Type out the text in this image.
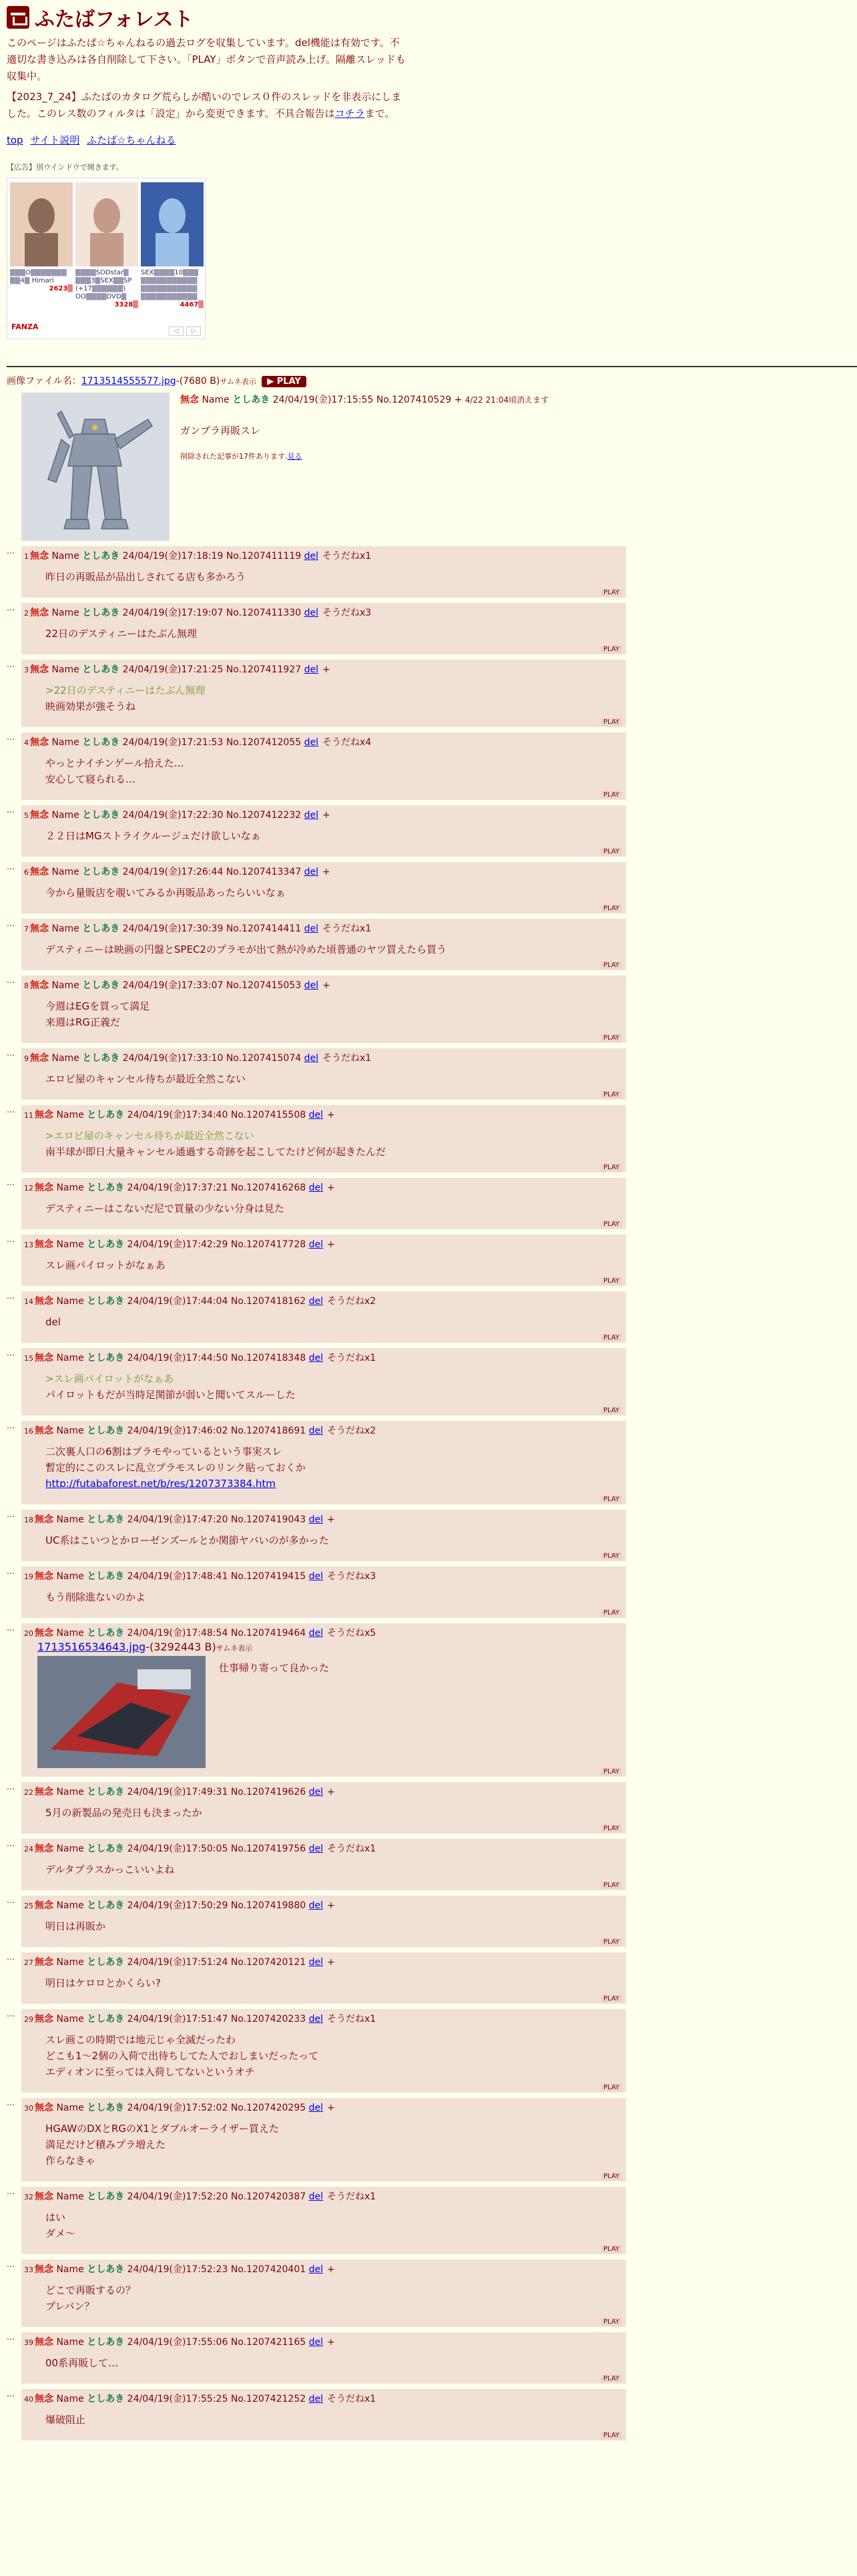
ふたばフォレスト

このページはふたば☆ちゃんねるの過去ログを収集しています。del機能は有効です。不適切な書き込みは各自削除して下さい。「PLAY」ボタンで音声読み上げ。隔離スレッドも収集中。

【2023_7_24】ふたばのカタログ荒らしが酷いのでレス０件のスレッドを非表示にしました。このレス数のフィルタは「設定」から変更できます。不具合報告はコチラまで。

top サイト説明 ふたば☆ちゃんねる
【広告】別ウインドウで開きます。
▒▒▒O▒▒▒▒▒▒▒
▒▒4▒ Himari
2623▒
▒▒▒▒SODstar▒
▒▒▒3▒SEX▒▒SP
(+17▒▒▒▒▒▒)
OO▒▒▒▒DVD▒
3328▒
SEX▒▒▒▒10▒▒▒
▒▒▒▒▒▒▒▒▒▒▒
▒▒▒▒▒▒▒▒▒▒▒
▒▒▒▒▒▒▒▒▒▒▒
4467▒
FANZA	◁ ▷
画像ファイル名：1713514555577.jpg-(7680 B)サムネ表示 ▶ PLAY
無念 Name としあき 24/04/19(金)17:15:55 No.1207410529 + 4/22 21:04頃消えます
ガンプラ再販スレ
削除された記事が17件あります.見る
…
1 無念 Name としあき 24/04/19(金)17:18:19 No.1207411119 del そうだねx1
昨日の再販品が品出しされてる店も多かろう
PLAY
…
2 無念 Name としあき 24/04/19(金)17:19:07 No.1207411330 del そうだねx3
22日のデスティニーはたぶん無理
PLAY
…
3 無念 Name としあき 24/04/19(金)17:21:25 No.1207411927 del +
>22日のデスティニーはたぶん無理
映画効果が強そうね
PLAY
…
4 無念 Name としあき 24/04/19(金)17:21:53 No.1207412055 del そうだねx4
やっとナイチンゲール拾えた…
安心して寝られる…
PLAY
…
5 無念 Name としあき 24/04/19(金)17:22:30 No.1207412232 del +
２２日はMGストライクルージュだけ欲しいなぁ
PLAY
…
6 無念 Name としあき 24/04/19(金)17:26:44 No.1207413347 del +
今から量販店を覗いてみるか再販品あったらいいなぁ
PLAY
…
7 無念 Name としあき 24/04/19(金)17:30:39 No.1207414411 del そうだねx1
デスティニーは映画の円盤とSPEC2のプラモが出て熱が冷めた頃普通のヤツ買えたら買う
PLAY
…
8 無念 Name としあき 24/04/19(金)17:33:07 No.1207415053 del +
今週はEGを買って満足
来週はRG正義だ
PLAY
…
9 無念 Name としあき 24/04/19(金)17:33:10 No.1207415074 del そうだねx1
エロビ屋のキャンセル待ちが最近全然こない
PLAY
…
11 無念 Name としあき 24/04/19(金)17:34:40 No.1207415508 del +
>エロビ屋のキャンセル待ちが最近全然こない
南半球が即日大量キャンセル通過する奇跡を起こしてたけど何が起きたんだ
PLAY
…
12 無念 Name としあき 24/04/19(金)17:37:21 No.1207416268 del +
デスティニーはこないだ尼で買量の少ない分身は見た
PLAY
…
13 無念 Name としあき 24/04/19(金)17:42:29 No.1207417728 del +
スレ画パイロットがなぁあ
PLAY
…
14 無念 Name としあき 24/04/19(金)17:44:04 No.1207418162 del そうだねx2
del
PLAY
…
15 無念 Name としあき 24/04/19(金)17:44:50 No.1207418348 del そうだねx1
>スレ画パイロットがなぁあ
パイロットもだが当時足関節が弱いと聞いてスルーした
PLAY
…
16 無念 Name としあき 24/04/19(金)17:46:02 No.1207418691 del そうだねx2
二次裏人口の6割はプラモやっているという事実スレ
暫定的にこのスレに乱立プラモスレのリンク貼っておくか
http://futabaforest.net/b/res/1207373384.htm
PLAY
…
18 無念 Name としあき 24/04/19(金)17:47:20 No.1207419043 del +
UC系はこいつとかローゼンズールとか関節ヤバいのが多かった
PLAY
…
19 無念 Name としあき 24/04/19(金)17:48:41 No.1207419415 del そうだねx3
もう削除進ないのかよ
PLAY
…
20 無念 Name としあき 24/04/19(金)17:48:54 No.1207419464 del そうだねx5
1713516534643.jpg-(3292443 B)サムネ表示
仕事帰り寄って良かった
PLAY
…
22 無念 Name としあき 24/04/19(金)17:49:31 No.1207419626 del +
5月の新製品の発売日も決まったか
PLAY
…
24 無念 Name としあき 24/04/19(金)17:50:05 No.1207419756 del そうだねx1
デルタプラスかっこいいよね
PLAY
…
25 無念 Name としあき 24/04/19(金)17:50:29 No.1207419880 del +
明日は再販か
PLAY
…
27 無念 Name としあき 24/04/19(金)17:51:24 No.1207420121 del +
明日はケロロとかくらい?
PLAY
…
29 無念 Name としあき 24/04/19(金)17:51:47 No.1207420233 del そうだねx1
スレ画この時期では地元じゃ全滅だったわ
どこも1〜2個の入荷で出待ちしてた人でおしまいだったって
エディオンに至っては入荷してないというオチ
PLAY
…
30 無念 Name としあき 24/04/19(金)17:52:02 No.1207420295 del +
HGAWのDXとRGのX1とダブルオーライザー買えた
満足だけど積みプラ増えた
作らなきゃ
PLAY
…
32 無念 Name としあき 24/04/19(金)17:52:20 No.1207420387 del そうだねx1
はい
ダメ〜
PLAY
…
33 無念 Name としあき 24/04/19(金)17:52:23 No.1207420401 del +
どこで再販するの？
プレバン？
PLAY
…
39 無念 Name としあき 24/04/19(金)17:55:06 No.1207421165 del +
00系再販して…
PLAY
…
40 無念 Name としあき 24/04/19(金)17:55:25 No.1207421252 del そうだねx1
爆破阻止
PLAY
